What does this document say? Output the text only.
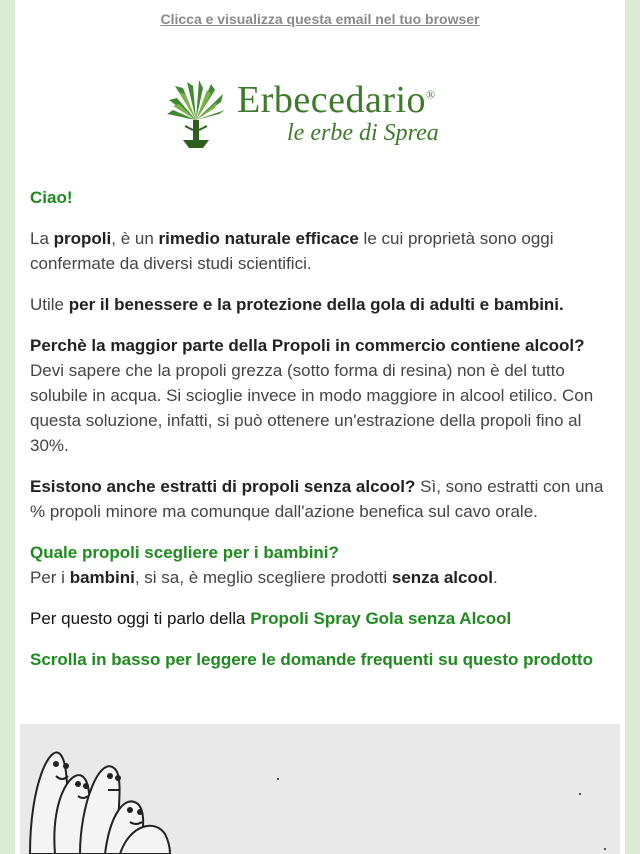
Clicca e visualizza questa email nel tuo browser
Erbecedario®
le erbe di Sprea

Ciao!

La propoli, è un rimedio naturale efficace le cui proprietà sono oggi confermate da diversi studi scientifici.

Utile per il benessere e la protezione della gola di adulti e bambini.

Perchè la maggior parte della Propoli in commercio contiene alcool? Devi sapere che la propoli grezza (sotto forma di resina) non è del tutto solubile in acqua. Si scioglie invece in modo maggiore in alcool etilico. Con questa soluzione, infatti, si può ottenere un'estrazione della propoli fino al 30%.

Esistono anche estratti di propoli senza alcool? Sì, sono estratti con una % propoli minore ma comunque dall'azione benefica sul cavo orale.

Quale propoli scegliere per i bambini?
Per i bambini, si sa, è meglio scegliere prodotti senza alcool.

Per questo oggi ti parlo della Propoli Spray Gola senza Alcool

Scrolla in basso per leggere le domande frequenti su questo prodotto
